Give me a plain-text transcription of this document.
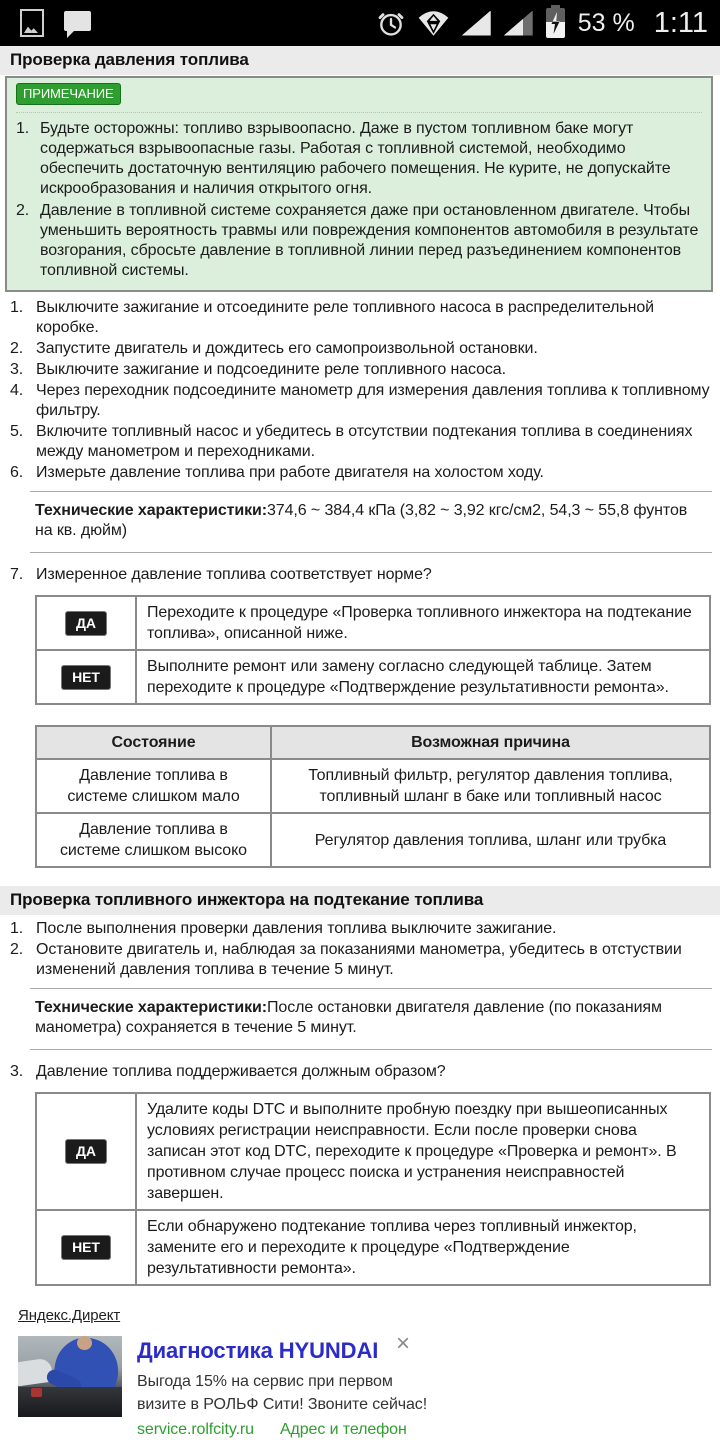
53 % 1:11
Проверка давления топлива
ПРИМЕЧАНИЕ
1. Будьте осторожны: топливо взрывоопасно. Даже в пустом топливном баке могут содержаться взрывоопасные газы. Работая с топливной системой, необходимо обеспечить достаточную вентиляцию рабочего помещения. Не курите, не допускайте искрообразования и наличия открытого огня.
2. Давление в топливной системе сохраняется даже при остановленном двигателе. Чтобы уменьшить вероятность травмы или повреждения компонентов автомобиля в результате возгорания, сбросьте давление в топливной линии перед разъединением компонентов топливной системы.
1. Выключите зажигание и отсоедините реле топливного насоса в распределительной коробке.
2. Запустите двигатель и дождитесь его самопроизвольной остановки.
3. Выключите зажигание и подсоедините реле топливного насоса.
4. Через переходник подсоедините манометр для измерения давления топлива к топливному фильтру.
5. Включите топливный насос и убедитесь в отсутствии подтекания топлива в соединениях между манометром и переходниками.
6. Измерьте давление топлива при работе двигателя на холостом ходу.
Технические характеристики:374,6 ~ 384,4 кПа (3,82 ~ 3,92 кгс/см2, 54,3 ~ 55,8 фунтов на кв. дюйм)
7. Измеренное давление топлива соответствует норме?
ДА	Переходите к процедуре «Проверка топливного инжектора на подтекание топлива», описанной ниже.
НЕТ	Выполните ремонт или замену согласно следующей таблице. Затем переходите к процедуре «Подтверждение результативности ремонта».
Состояние	Возможная причина
Давление топлива в системе слишком мало	Топливный фильтр, регулятор давления топлива, топливный шланг в баке или топливный насос
Давление топлива в системе слишком высоко	Регулятор давления топлива, шланг или трубка
Проверка топливного инжектора на подтекание топлива
1. После выполнения проверки давления топлива выключите зажигание.
2. Остановите двигатель и, наблюдая за показаниями манометра, убедитесь в отстуствии изменений давления топлива в течение 5 минут.
Технические характеристики:После остановки двигателя давление (по показаниям манометра) сохраняется в течение 5 минут.
3. Давление топлива поддерживается должным образом?
ДА	Удалите коды DTC и выполните пробную поездку при вышеописанных условиях регистрации неисправности. Если после проверки снова записан этот код DTC, переходите к процедуре «Проверка и ремонт». В противном случае процесс поиска и устранения неисправностей завершен.
НЕТ	Если обнаружено подтекание топлива через топливный инжектор, замените его и переходите к процедуре «Подтверждение результативности ремонта».
Яндекс.Директ
Диагностика HYUNDAI
Выгода 15% на сервис при первом
визите в РОЛЬФ Сити! Звоните сейчас!
service.rolfcity.ru Адрес и телефон
×
